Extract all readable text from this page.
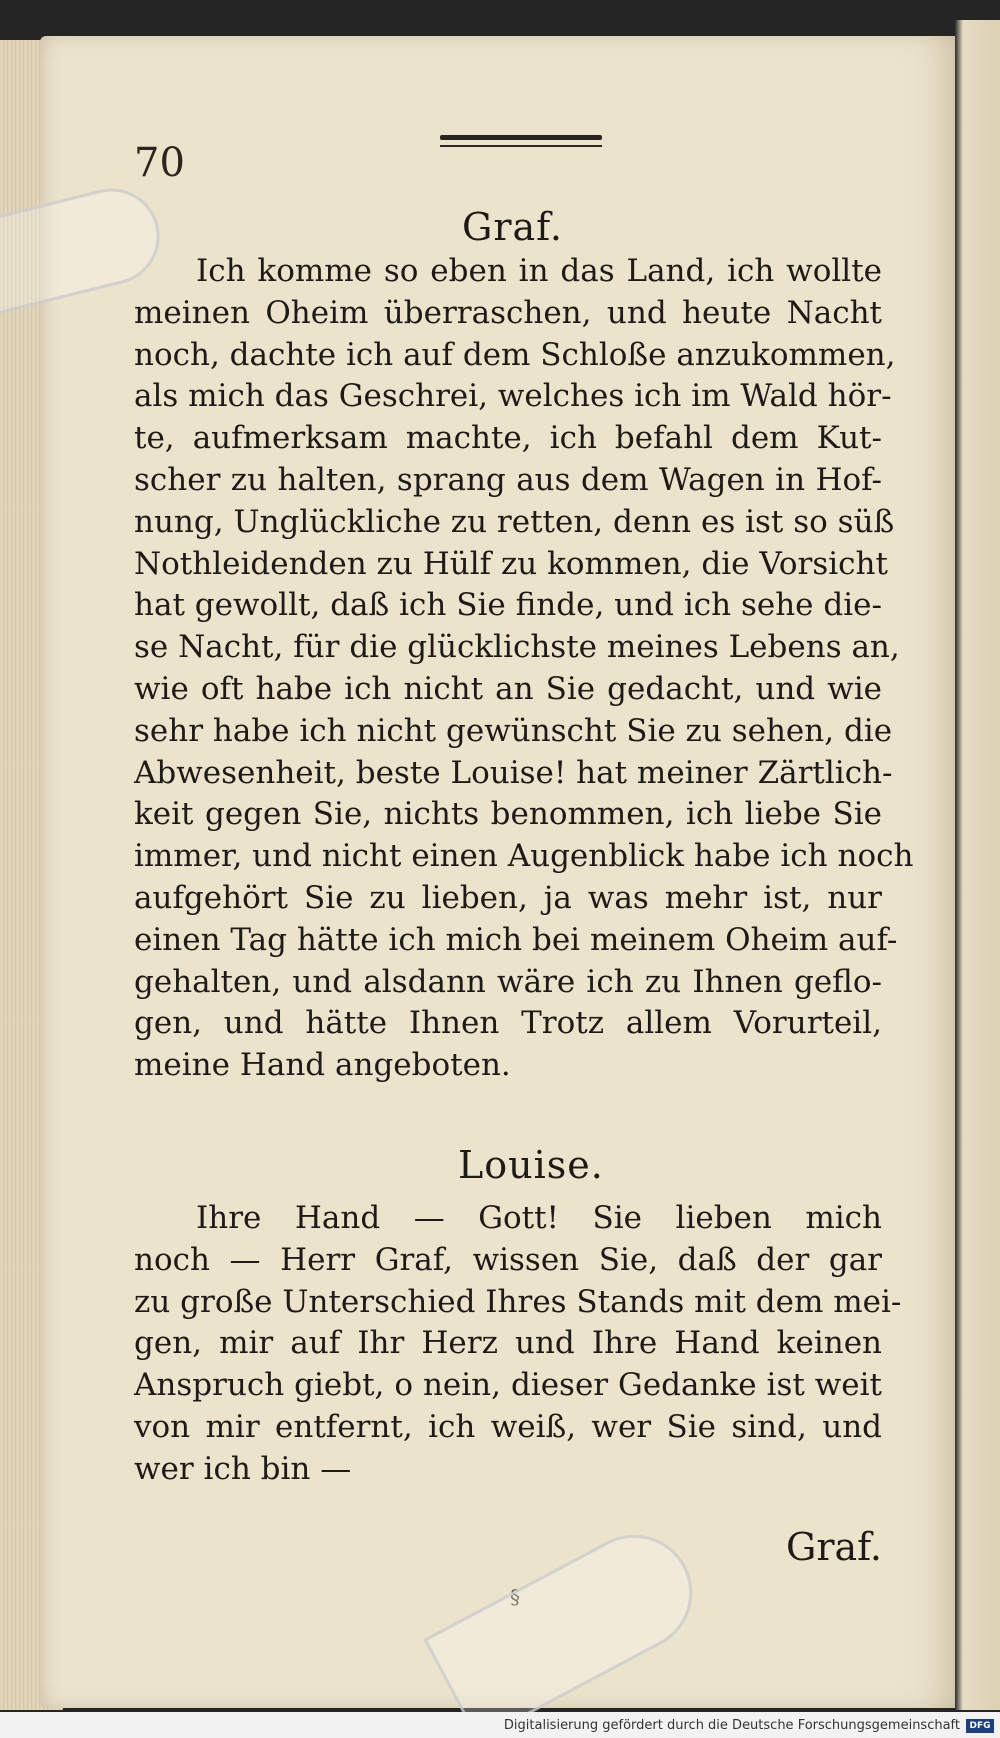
70
Graf.
Ich komme so eben in das Land, ich wollte
meinen Oheim überraschen, und heute Nacht
noch, dachte ich auf dem Schloße anzukommen,
als mich das Geschrei, welches ich im Wald hör-
te, aufmerksam machte, ich befahl dem Kut-
scher zu halten, sprang aus dem Wagen in Hof-
nung, Unglückliche zu retten, denn es ist so süß
Nothleidenden zu Hülf zu kommen, die Vorsicht
hat gewollt, daß ich Sie finde, und ich sehe die-
se Nacht, für die glücklichste meines Lebens an,
wie oft habe ich nicht an Sie gedacht, und wie
sehr habe ich nicht gewünscht Sie zu sehen, die
Abwesenheit, beste Louise! hat meiner Zärtlich-
keit gegen Sie, nichts benommen, ich liebe Sie
immer, und nicht einen Augenblick habe ich noch
aufgehört Sie zu lieben, ja was mehr ist, nur
einen Tag hätte ich mich bei meinem Oheim auf-
gehalten, und alsdann wäre ich zu Ihnen geflo-
gen, und hätte Ihnen Trotz allem Vorurteil,
meine Hand angeboten.
Louise.
Ihre Hand — Gott! Sie lieben mich
noch — Herr Graf, wissen Sie, daß der gar
zu große Unterschied Ihres Stands mit dem mei-
gen, mir auf Ihr Herz und Ihre Hand keinen
Anspruch giebt, o nein, dieser Gedanke ist weit
von mir entfernt, ich weiß, wer Sie sind, und
wer ich bin —
Graf.
§
Digitalisierung gefördert durch die Deutsche Forschungsgemeinschaft	DFG
